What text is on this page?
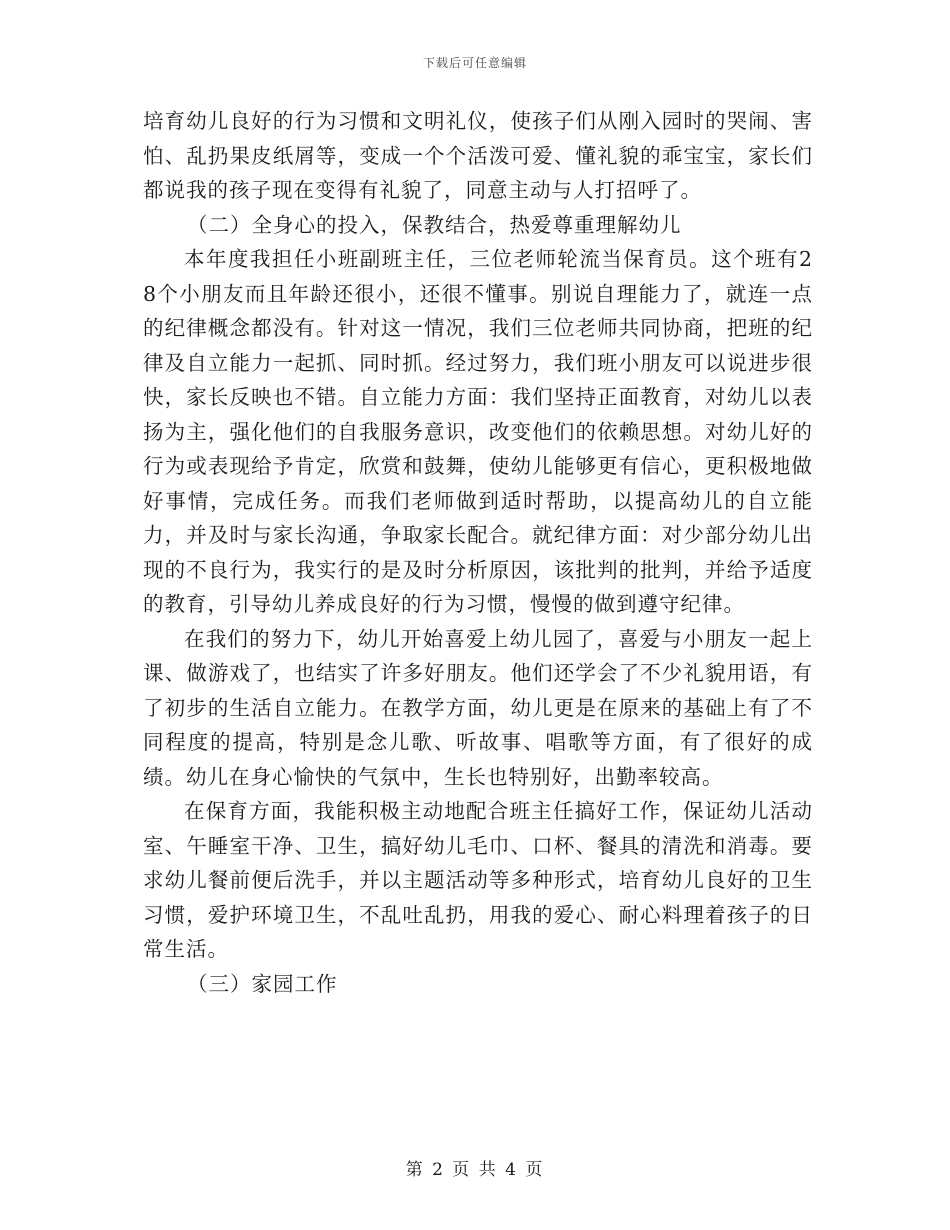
下载后可任意编辑

培育幼儿良好的行为习惯和文明礼仪，使孩子们从刚入园时的哭闹、害怕、乱扔果皮纸屑等，变成一个个活泼可爱、懂礼貌的乖宝宝，家长们都说我的孩子现在变得有礼貌了，同意主动与人打招呼了。

（二）全身心的投入，保教结合，热爱尊重理解幼儿

本年度我担任小班副班主任，三位老师轮流当保育员。这个班有28个小朋友而且年龄还很小，还很不懂事。别说自理能力了，就连一点的纪律概念都没有。针对这一情况，我们三位老师共同协商，把班的纪律及自立能力一起抓、同时抓。经过努力，我们班小朋友可以说进步很快，家长反映也不错。自立能力方面：我们坚持正面教育，对幼儿以表扬为主，强化他们的自我服务意识，改变他们的依赖思想。对幼儿好的行为或表现给予肯定，欣赏和鼓舞，使幼儿能够更有信心，更积极地做好事情，完成任务。而我们老师做到适时帮助，以提高幼儿的自立能力，并及时与家长沟通，争取家长配合。就纪律方面：对少部分幼儿出现的不良行为，我实行的是及时分析原因，该批判的批判，并给予适度的教育，引导幼儿养成良好的行为习惯，慢慢的做到遵守纪律。

在我们的努力下，幼儿开始喜爱上幼儿园了，喜爱与小朋友一起上课、做游戏了，也结实了许多好朋友。他们还学会了不少礼貌用语，有了初步的生活自立能力。在教学方面，幼儿更是在原来的基础上有了不同程度的提高，特别是念儿歌、听故事、唱歌等方面，有了很好的成绩。幼儿在身心愉快的气氛中，生长也特别好，出勤率较高。

在保育方面，我能积极主动地配合班主任搞好工作，保证幼儿活动室、午睡室干净、卫生，搞好幼儿毛巾、口杯、餐具的清洗和消毒。要求幼儿餐前便后洗手，并以主题活动等多种形式，培育幼儿良好的卫生习惯，爱护环境卫生，不乱吐乱扔，用我的爱心、耐心料理着孩子的日常生活。

（三）家园工作

第 2 页 共 4 页
